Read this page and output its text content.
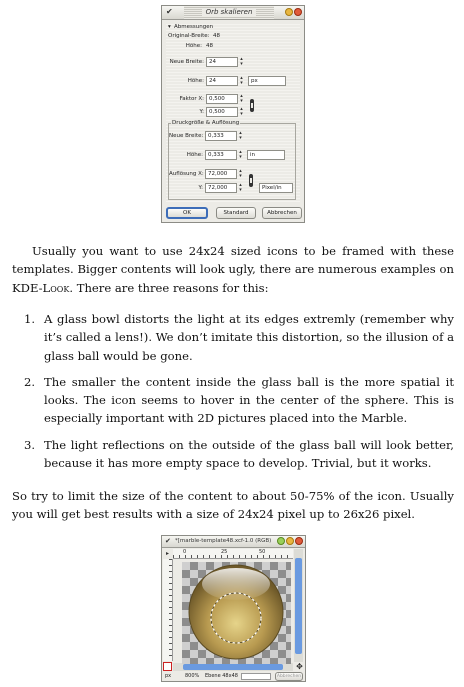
✔	Orb skalieren
▾ Abmessungen
Original-Breite: 48
Höhe: 48
Neue Breite: 24	▴
▾
Höhe: 24	▴
▾	px
Faktor X: 0,500	▴
▾
Y: 0,500	▴
▾
Druckgröße & Auflösung
Neue Breite: 0,333	▴
▾
Höhe: 0,333	▴
▾	in
Auflösung X: 72,000	▴
▾
Y: 72,000	▴
▾	Pixel/in
OK	Standard	Abbrechen

Usually you want to use 24x24 sized icons to be framed with these templates. Bigger contents will look ugly, there are numerous examples on KDE-Look. There are three reasons for this:

1. A glass bowl distorts the light at its edges extremly (remember why it’s called a lens!). We don’t imitate this distortion, so the illusion of a glass ball would be gone.
2. The smaller the content inside the glass ball is the more spatial it looks. The icon seems to hover in the center of the sphere. This is especially important with 2D pictures placed into the Marble.
3. The light reflections on the outside of the glass ball will look better, because it has more empty space to develop. Trivial, but it works.

So try to limit the size of the content to about 50-75% of the icon. Usually you will get best results with a size of 24x24 pixel up to 26x26 pixel.

✔ *[marble-template48.xcf-1.0 (RGB)
▸	0	25	50
✥
px	800% Ebene 48x48	Abbrechen
